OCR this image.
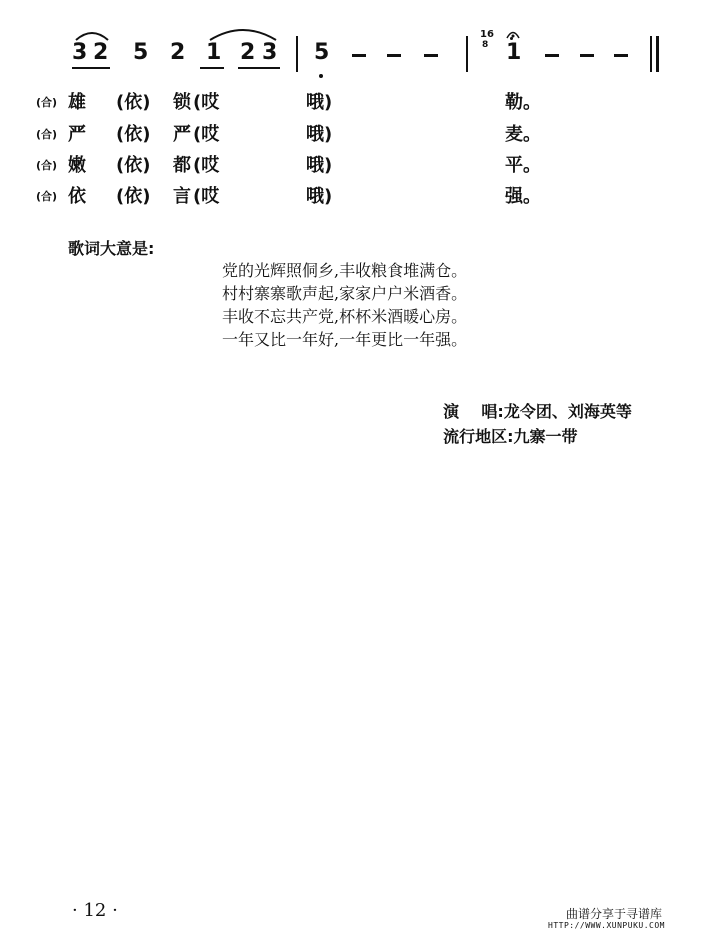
3 2 5 2 1 2 3 5
16
8 1
(合) 雄 (依) 锁 (哎	哦)	勒。
(合) 严 (依) 严 (哎	哦)	麦。
(合) 嫩 (依) 都 (哎	哦)	平。
(合) 依 (依) 言 (哎	哦)	强。
歌词大意是:
党的光辉照侗乡,丰收粮食堆满仓。
村村寨寨歌声起,家家户户米酒香。
丰收不忘共产党,杯杯米酒暖心房。
一年又比一年好,一年更比一年强。

演    唱:龙令团、刘海英等

流行地区:九寨一带

· 12 ·	曲谱分享于寻谱库
HTTP://WWW.XUNPUKU.COM
